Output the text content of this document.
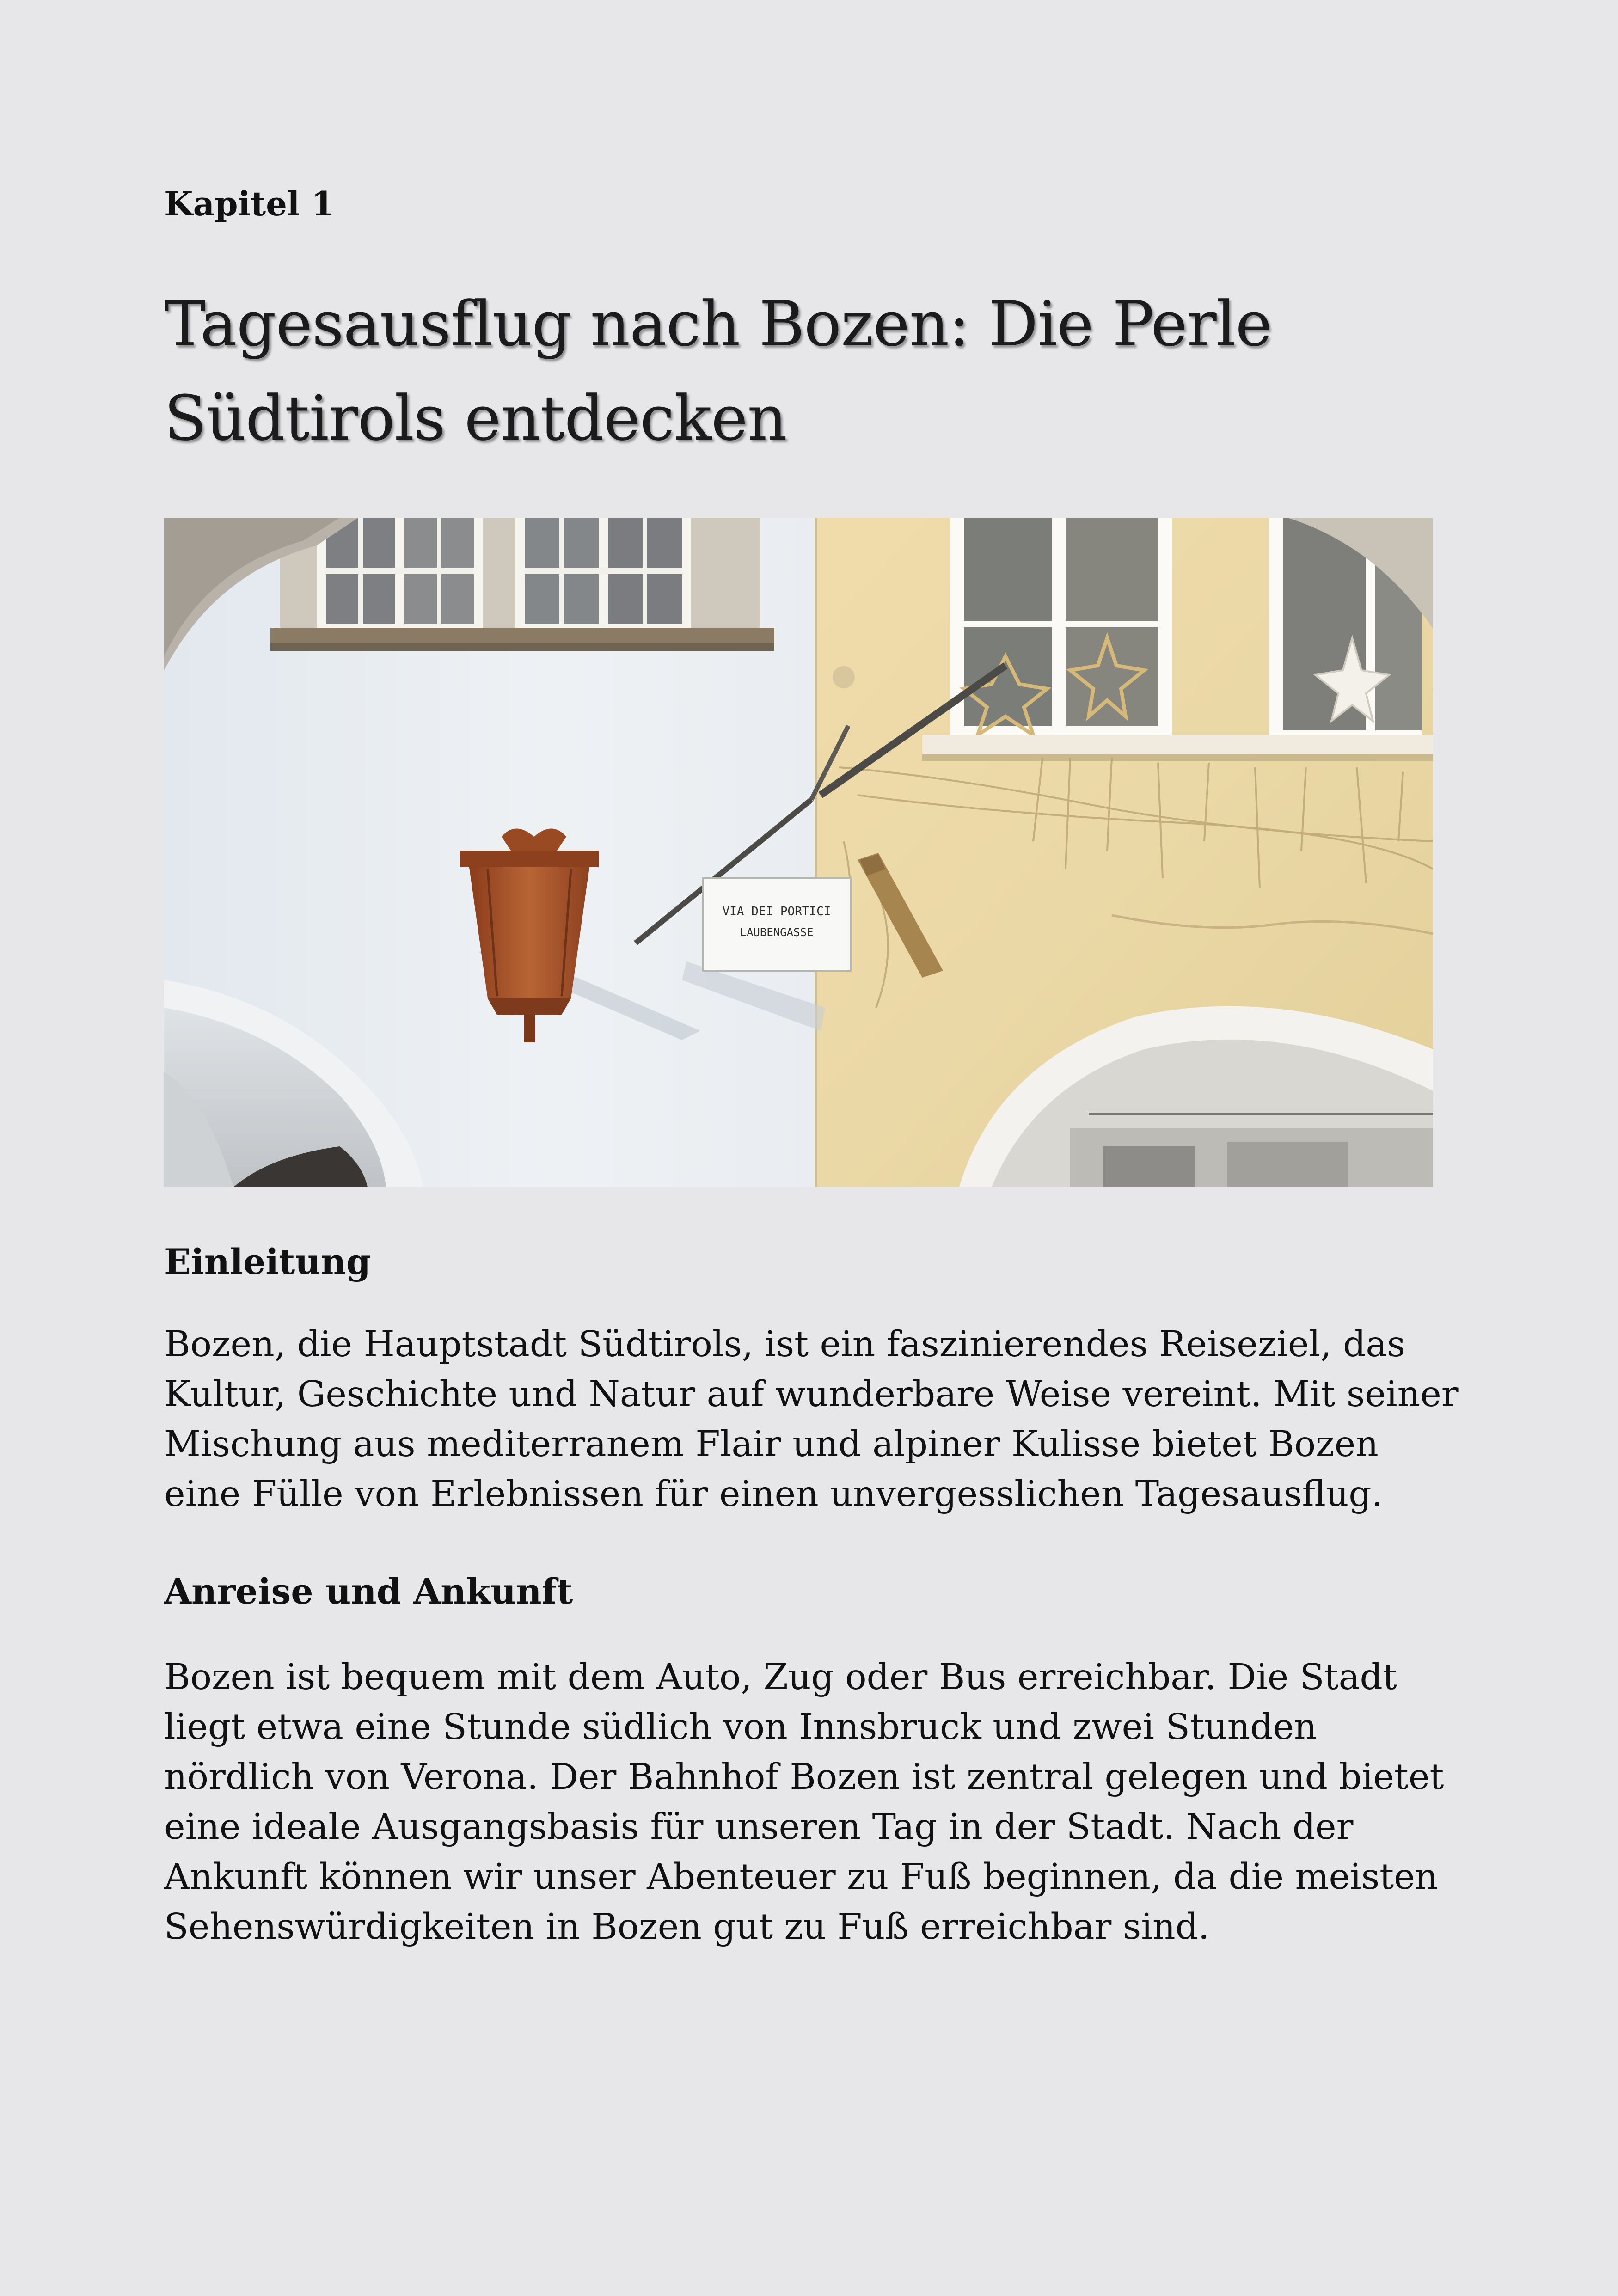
Kapitel 1
Tagesausflug nach Bozen: Die Perle Südtirols entdecken
VIA DEI PORTICI
LAUBENGASSE
Einleitung

Bozen, die Hauptstadt Südtirols, ist ein faszinierendes Reiseziel, das Kultur, Geschichte und Natur auf wunderbare Weise vereint. Mit seiner Mischung aus mediterranem Flair und alpiner Kulisse bietet Bozen eine Fülle von Erlebnissen für einen unvergesslichen Tagesausflug.

Anreise und Ankunft

Bozen ist bequem mit dem Auto, Zug oder Bus erreichbar. Die Stadt liegt etwa eine Stunde südlich von Innsbruck und zwei Stunden nördlich von Verona. Der Bahnhof Bozen ist zentral gelegen und bietet eine ideale Ausgangsbasis für unseren Tag in der Stadt. Nach der Ankunft können wir unser Abenteuer zu Fuß beginnen, da die meisten Sehenswürdigkeiten in Bozen gut zu Fuß erreichbar sind.
